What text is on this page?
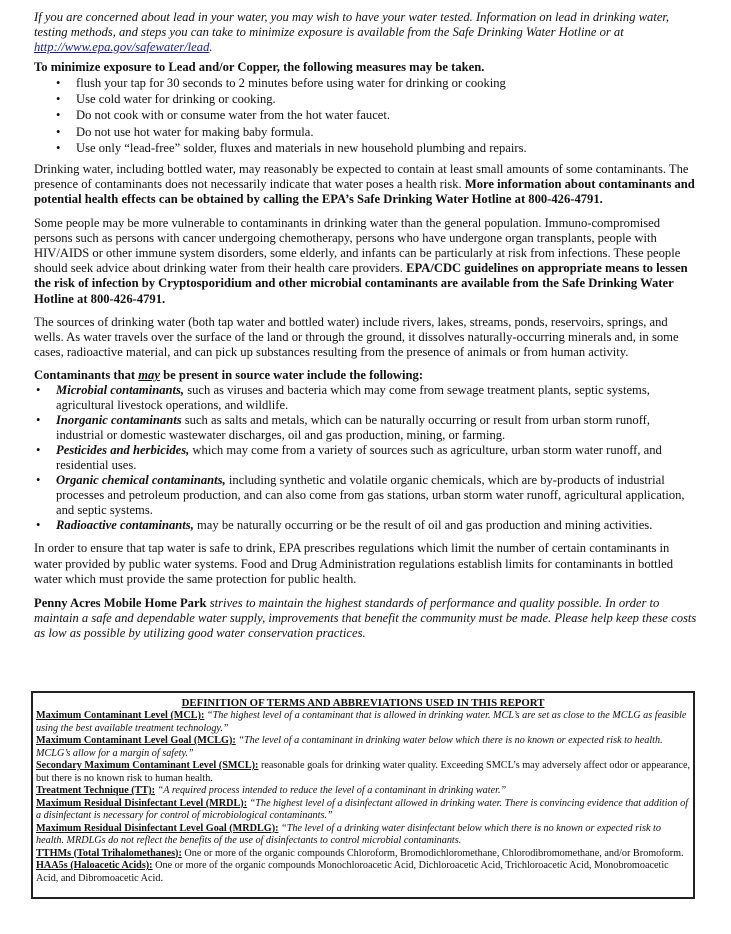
If you are concerned about lead in your water, you may wish to have your water tested. Information on lead in drinking water, testing methods, and steps you can take to minimize exposure is available from the Safe Drinking Water Hotline or at http://www.epa.gov/safewater/lead.

To minimize exposure to Lead and/or Copper, the following measures may be taken.

• flush your tap for 30 seconds to 2 minutes before using water for drinking or cooking
• Use cold water for drinking or cooking.
• Do not cook with or consume water from the hot water faucet.
• Do not use hot water for making baby formula.
• Use only “lead-free” solder, fluxes and materials in new household plumbing and repairs.

Drinking water, including bottled water, may reasonably be expected to contain at least small amounts of some contaminants. The presence of contaminants does not necessarily indicate that water poses a health risk. More information about contaminants and potential health effects can be obtained by calling the EPA’s Safe Drinking Water Hotline at 800-426-4791.

Some people may be more vulnerable to contaminants in drinking water than the general population. Immuno-compromised persons such as persons with cancer undergoing chemotherapy, persons who have undergone organ transplants, people with HIV/AIDS or other immune system disorders, some elderly, and infants can be particularly at risk from infections. These people should seek advice about drinking water from their health care providers. EPA/CDC guidelines on appropriate means to lessen the risk of infection by Cryptosporidium and other microbial contaminants are available from the Safe Drinking Water Hotline at 800-426-4791.

The sources of drinking water (both tap water and bottled water) include rivers, lakes, streams, ponds, reservoirs, springs, and wells. As water travels over the surface of the land or through the ground, it dissolves naturally-occurring minerals and, in some cases, radioactive material, and can pick up substances resulting from the presence of animals or from human activity.

Contaminants that may be present in source water include the following:

• Microbial contaminants, such as viruses and bacteria which may come from sewage treatment plants, septic systems, agricultural livestock operations, and wildlife.
• Inorganic contaminants such as salts and metals, which can be naturally occurring or result from urban storm runoff, industrial or domestic wastewater discharges, oil and gas production, mining, or farming.
• Pesticides and herbicides, which may come from a variety of sources such as agriculture, urban storm water runoff, and residential uses.
• Organic chemical contaminants, including synthetic and volatile organic chemicals, which are by-products of industrial processes and petroleum production, and can also come from gas stations, urban storm water runoff, agricultural application, and septic systems.
• Radioactive contaminants, may be naturally occurring or be the result of oil and gas production and mining activities.

In order to ensure that tap water is safe to drink, EPA prescribes regulations which limit the number of certain contaminants in water provided by public water systems. Food and Drug Administration regulations establish limits for contaminants in bottled water which must provide the same protection for public health.

Penny Acres Mobile Home Park strives to maintain the highest standards of performance and quality possible. In order to maintain a safe and dependable water supply, improvements that benefit the community must be made. Please help keep these costs as low as possible by utilizing good water conservation practices.

DEFINITION OF TERMS AND ABBREVIATIONS USED IN THIS REPORT
Maximum Contaminant Level (MCL): “The highest level of a contaminant that is allowed in drinking water. MCL’s are set as close to the MCLG as feasible using the best available treatment technology.”
Maximum Contaminant Level Goal (MCLG): “The level of a contaminant in drinking water below which there is no known or expected risk to health. MCLG’s allow for a margin of safety.”
Secondary Maximum Contaminant Level (SMCL): reasonable goals for drinking water quality. Exceeding SMCL’s may adversely affect odor or appearance, but there is no known risk to human health.
Treatment Technique (TT): “A required process intended to reduce the level of a contaminant in drinking water.”
Maximum Residual Disinfectant Level (MRDL): “The highest level of a disinfectant allowed in drinking water. There is convincing evidence that addition of a disinfectant is necessary for control of microbiological contaminants.”
Maximum Residual Disinfectant Level Goal (MRDLG): “The level of a drinking water disinfectant below which there is no known or expected risk to health. MRDLGs do not reflect the benefits of the use of disinfectants to control microbial contaminants.
TTHMs (Total Trihalomethanes): One or more of the organic compounds Chloroform, Bromodichloromethane, Chlorodibromomethane, and/or Bromoform.
HAA5s (Haloacetic Acids): One or more of the organic compounds Monochloroacetic Acid, Dichloroacetic Acid, Trichloroacetic Acid, Monobromoacetic Acid, and Dibromoacetic Acid.
